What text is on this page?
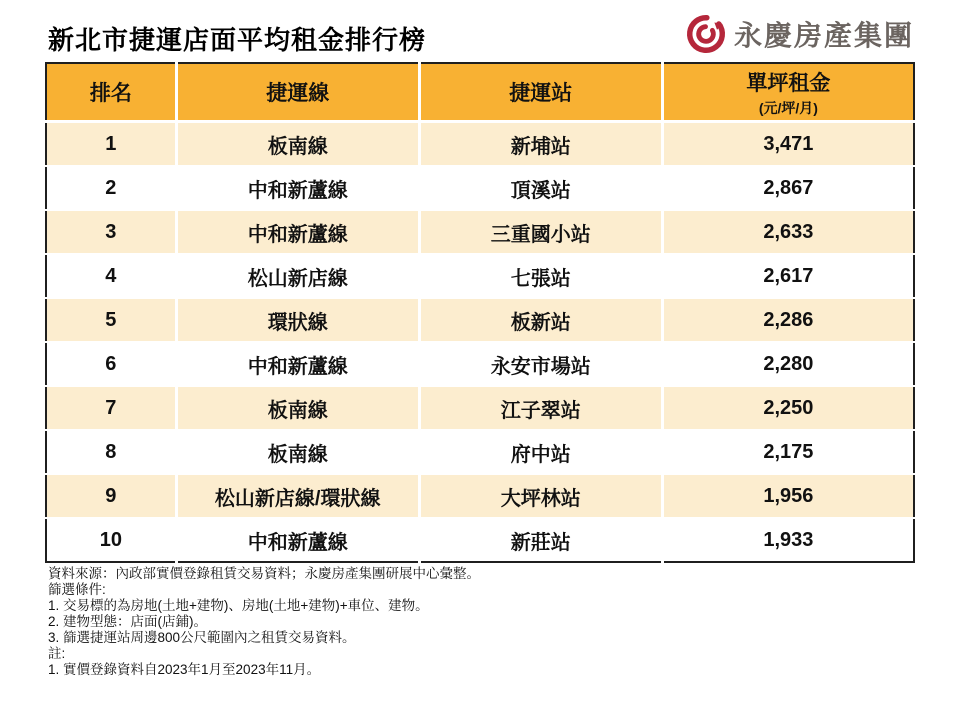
新北市捷運店面平均租金排行榜	永慶房產集團
排名	捷運線	捷運站	單坪租金
(元/坪/月)

1	板南線	新埔站	3,471
2	中和新蘆線	頂溪站	2,867
3	中和新蘆線	三重國小站	2,633
4	松山新店線	七張站	2,617
5	環狀線	板新站	2,286
6	中和新蘆線	永安市場站	2,280
7	板南線	江子翠站	2,250
8	板南線	府中站	2,175
9	松山新店線/環狀線	大坪林站	1,956
10	中和新蘆線	新莊站	1,933
資料來源：內政部實價登錄租賃交易資料；永慶房產集團研展中心彙整。
篩選條件:
1. 交易標的為房地(土地+建物)、房地(土地+建物)+車位、建物。
2. 建物型態：店面(店鋪)。
3. 篩選捷運站周邊800公尺範圍內之租賃交易資料。
註:
1. 實價登錄資料自2023年1月至2023年11月。
